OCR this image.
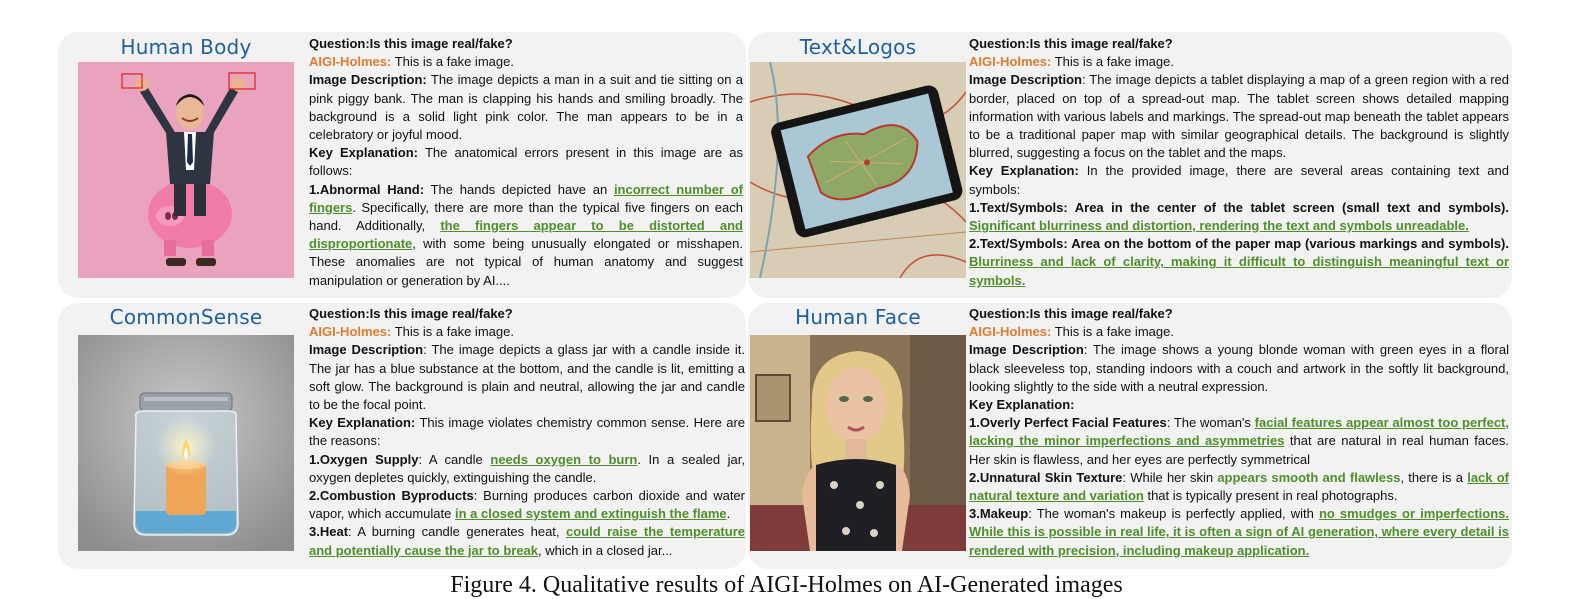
Human Body	Question:Is this image real/fake?

AIGI-Holmes: This is a fake image.

Image Description: The image depicts a man in a suit and tie sitting on a pink piggy bank. The man is clapping his hands and smiling broadly. The background is a solid light pink color. The man appears to be in a celebratory or joyful mood.

Key Explanation: The anatomical errors present in this image are as follows:

1.Abnormal Hand: The hands depicted have an incorrect number of fingers. Specifically, there are more than the typical five fingers on each hand. Additionally, the fingers appear to be distorted and disproportionate, with some being unusually elongated or misshapen. These anomalies are not typical of human anatomy and suggest manipulation or generation by AI....

Text&Logos	Question:Is this image real/fake?

AIGI-Holmes: This is a fake image.

Image Description: The image depicts a tablet displaying a map of a green region with a red border, placed on top of a spread-out map. The tablet screen shows detailed mapping information with various labels and markings. The spread-out map beneath the tablet appears to be a traditional paper map with similar geographical details. The background is slightly blurred, suggesting a focus on the tablet and the maps.

Key Explanation: In the provided image, there are several areas containing text and symbols:

1.Text/Symbols: Area in the center of the tablet screen (small text and symbols). Significant blurriness and distortion, rendering the text and symbols unreadable.

2.Text/Symbols: Area on the bottom of the paper map (various markings and symbols). Blurriness and lack of clarity, making it difficult to distinguish meaningful text or symbols.

CommonSense	Question:Is this image real/fake?

AIGI-Holmes: This is a fake image.

Image Description: The image depicts a glass jar with a candle inside it. The jar has a blue substance at the bottom, and the candle is lit, emitting a soft glow. The background is plain and neutral, allowing the jar and candle to be the focal point.

Key Explanation: This image violates chemistry common sense. Here are the reasons:

1.Oxygen Supply: A candle needs oxygen to burn. In a sealed jar, oxygen depletes quickly, extinguishing the candle.

2.Combustion Byproducts: Burning produces carbon dioxide and water vapor, which accumulate in a closed system and extinguish the flame.

3.Heat: A burning candle generates heat, could raise the temperature and potentially cause the jar to break, which in a closed jar...

Human Face	Question:Is this image real/fake?

AIGI-Holmes: This is a fake image.

Image Description: The image shows a young blonde woman with green eyes in a floral black sleeveless top, standing indoors with a couch and artwork in the softly lit background, looking slightly to the side with a neutral expression.

Key Explanation:

1.Overly Perfect Facial Features: The woman's facial features appear almost too perfect, lacking the minor imperfections and asymmetries that are natural in real human faces. Her skin is flawless, and her eyes are perfectly symmetrical

2.Unnatural Skin Texture: While her skin appears smooth and flawless, there is a lack of natural texture and variation that is typically present in real photographs.

3.Makeup: The woman's makeup is perfectly applied, with no smudges or imperfections. While this is possible in real life, it is often a sign of AI generation, where every detail is rendered with precision, including makeup application.

Figure 4. Qualitative results of AIGI-Holmes on AI-Generated images
